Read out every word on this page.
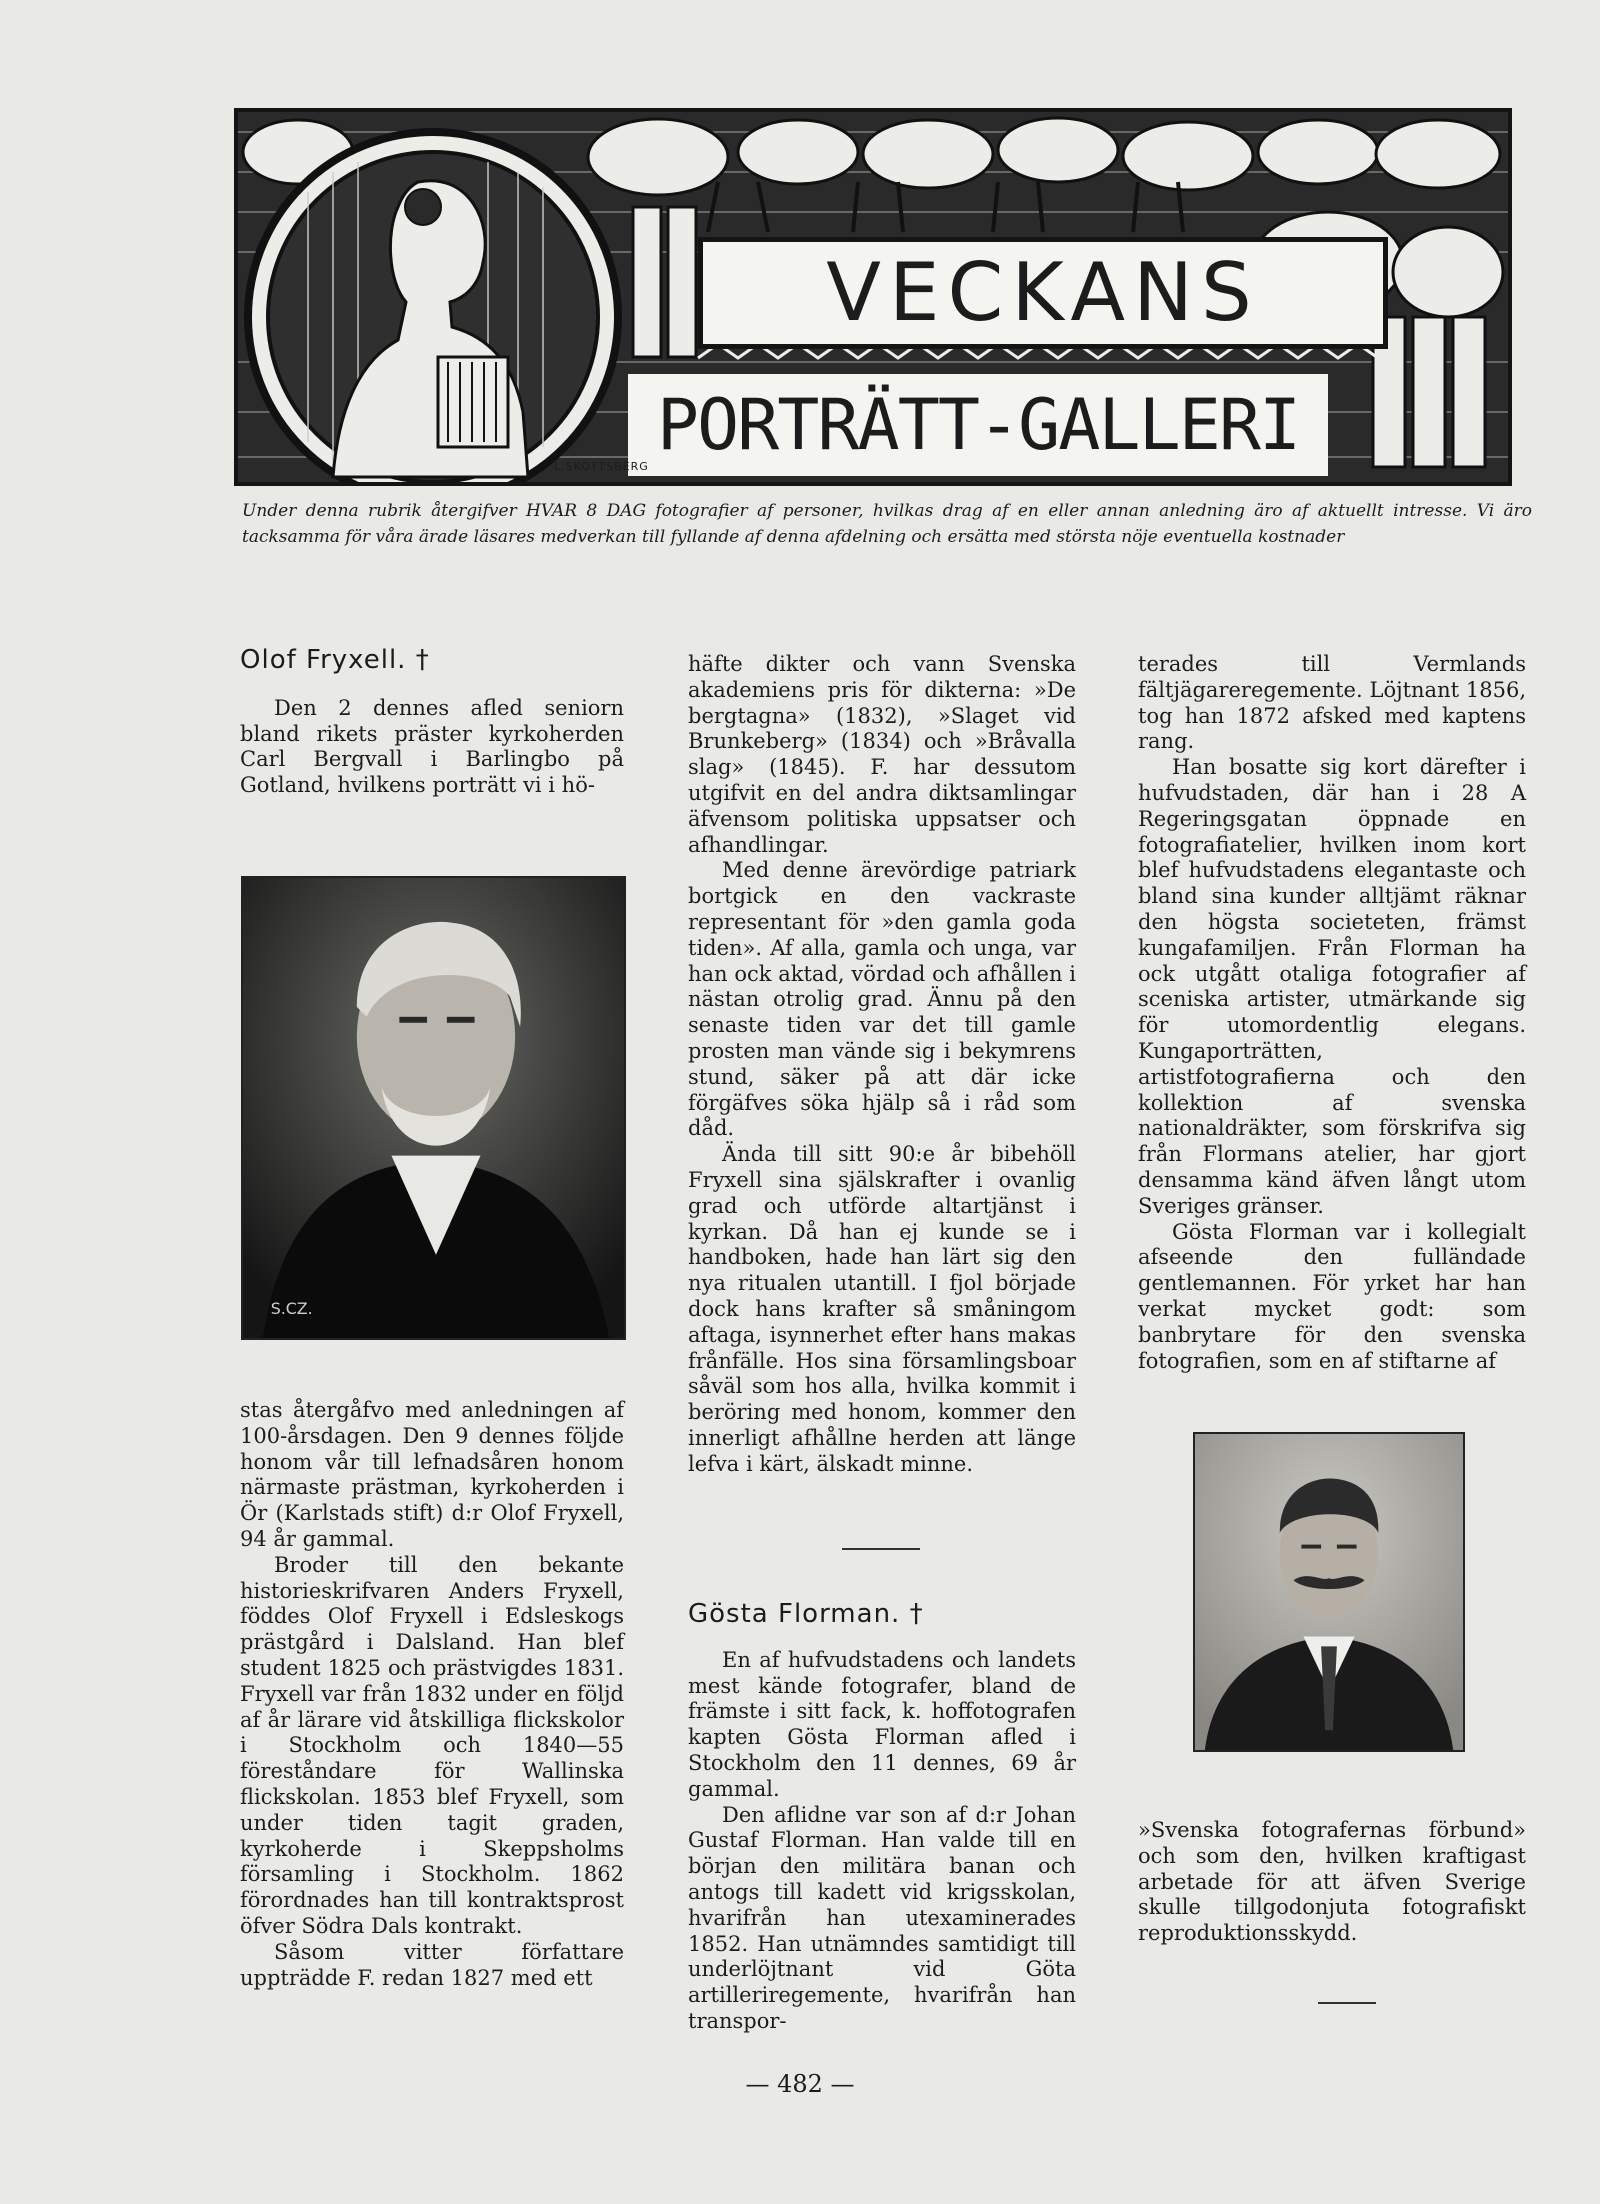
VECKANS
PORTRÄTT-GALLERI
L.SKOTTSBERG
Under denna rubrik återgifver HVAR 8 DAG fotografier af personer, hvilkas drag af en eller annan anledning äro af aktuellt intresse. Vi äro tacksamma för våra ärade läsares medverkan till fyllande af denna afdelning och ersätta med största nöje eventuella kostnader

Olof Fryxell. †

Den 2 dennes afled seniorn bland rikets präster kyrkoherden Carl Bergvall i Barlingbo på Gotland, hvilkens porträtt vi i hö-

S.CZ.

stas återgåfvo med anledningen af 100-årsdagen. Den 9 dennes följde honom vår till lefnadsåren honom närmaste prästman, kyrkoherden i Ör (Karlstads stift) d:r Olof Fryxell, 94 år gammal.

Broder till den bekante historieskrifvaren Anders Fryxell, föddes Olof Fryxell i Edsleskogs prästgård i Dalsland. Han blef student 1825 och prästvigdes 1831. Fryxell var från 1832 under en följd af år lärare vid åtskilliga flickskolor i Stockholm och 1840—55 föreståndare för Wallinska flickskolan. 1853 blef Fryxell, som under tiden tagit graden, kyrkoherde i Skeppsholms församling i Stockholm. 1862 förordnades han till kontraktsprost öfver Södra Dals kontrakt.

Såsom vitter författare uppträdde F. redan 1827 med ett

häfte dikter och vann Svenska akademiens pris för dikterna: »De bergtagna» (1832), »Slaget vid Brunkeberg» (1834) och »Bråvalla slag» (1845). F. har dessutom utgifvit en del andra diktsamlingar äfvensom politiska uppsatser och afhandlingar.

Med denne ärevördige patriark bortgick en den vackraste representant för »den gamla goda tiden». Af alla, gamla och unga, var han ock aktad, vördad och afhållen i nästan otrolig grad. Ännu på den senaste tiden var det till gamle prosten man vände sig i bekymrens stund, säker på att där icke förgäfves söka hjälp så i råd som dåd.

Ända till sitt 90:e år bibehöll Fryxell sina själskrafter i ovanlig grad och utförde altartjänst i kyrkan. Då han ej kunde se i handboken, hade han lärt sig den nya ritualen utantill. I fjol började dock hans krafter så småningom aftaga, isynnerhet efter hans makas frånfälle. Hos sina församlingsboar såväl som hos alla, hvilka kommit i beröring med honom, kommer den innerligt afhållne herden att länge lefva i kärt, älskadt minne.

Gösta Florman. †

En af hufvudstadens och landets mest kände fotografer, bland de främste i sitt fack, k. hoffotografen kapten Gösta Florman afled i Stockholm den 11 dennes, 69 år gammal.

Den aflidne var son af d:r Johan Gustaf Florman. Han valde till en början den militära banan och antogs till kadett vid krigsskolan, hvarifrån han utexaminerades 1852. Han utnämndes samtidigt till underlöjtnant vid Göta artilleriregemente, hvarifrån han transpor-

terades till Vermlands fältjägareregemente. Löjtnant 1856, tog han 1872 afsked med kaptens rang.

Han bosatte sig kort därefter i hufvudstaden, där han i 28 A Regeringsgatan öppnade en fotografiatelier, hvilken inom kort blef hufvudstadens elegantaste och bland sina kunder alltjämt räknar den högsta societeten, främst kungafamiljen. Från Florman ha ock utgått otaliga fotografier af sceniska artister, utmärkande sig för utomordentlig elegans. Kungaporträtten, artistfotografierna och den kollektion af svenska nationaldräkter, som förskrifva sig från Flormans atelier, har gjort densamma känd äfven långt utom Sveriges gränser.

Gösta Florman var i kollegialt afseende den fulländade gentlemannen. För yrket har han verkat mycket godt: som banbrytare för den svenska fotografien, som en af stiftarne af

»Svenska fotografernas förbund» och som den, hvilken kraftigast arbetade för att äfven Sverige skulle tillgodonjuta fotografiskt reproduktionsskydd.

— 482 —
